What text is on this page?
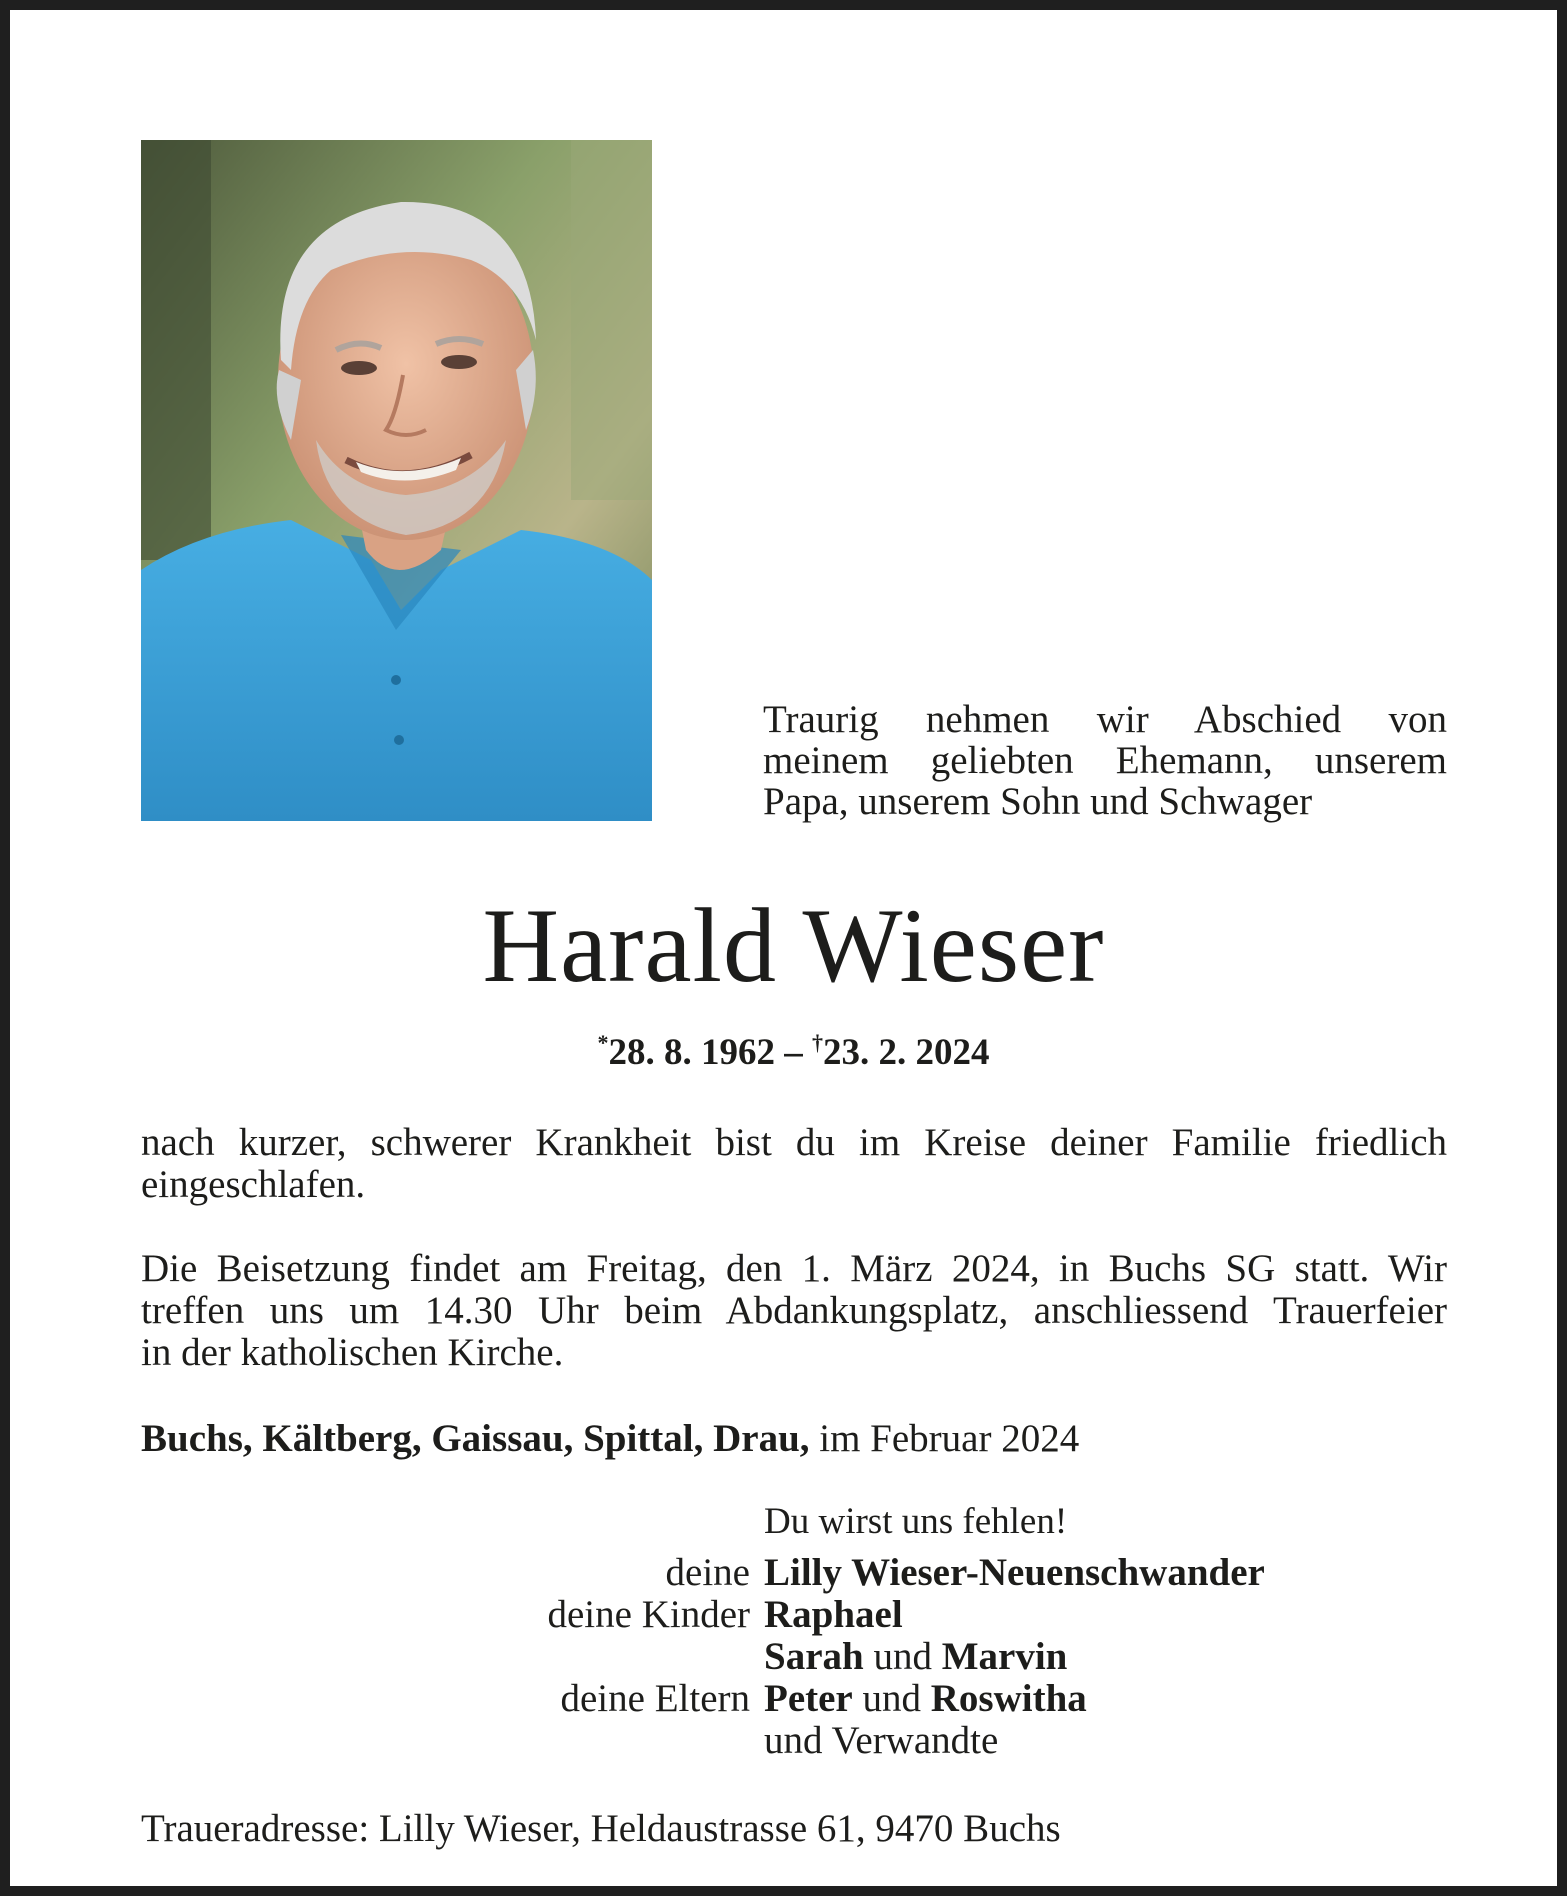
Traurig nehmen wir Abschied von
meinem geliebten Ehemann, unserem
Papa, unserem Sohn und Schwager
Harald Wieser
*28. 8. 1962 – †23. 2. 2024
nach kurzer, schwerer Krankheit bist du im Kreise deiner Familie friedlich
eingeschlafen.
Die Beisetzung findet am Freitag, den 1. März 2024, in Buchs SG statt. Wir
treffen uns um 14.30 Uhr beim Abdankungsplatz, anschliessend Trauerfeier
in der katholischen Kirche.
Buchs, Kältberg, Gaissau, Spittal, Drau, im Februar 2024
Du wirst uns fehlen!
deine Lilly Wieser-Neuenschwander
deine Kinder Raphael
Sarah und Marvin
deine Eltern Peter und Roswitha
und Verwandte
Traueradresse: Lilly Wieser, Heldaustrasse 61, 9470 Buchs
